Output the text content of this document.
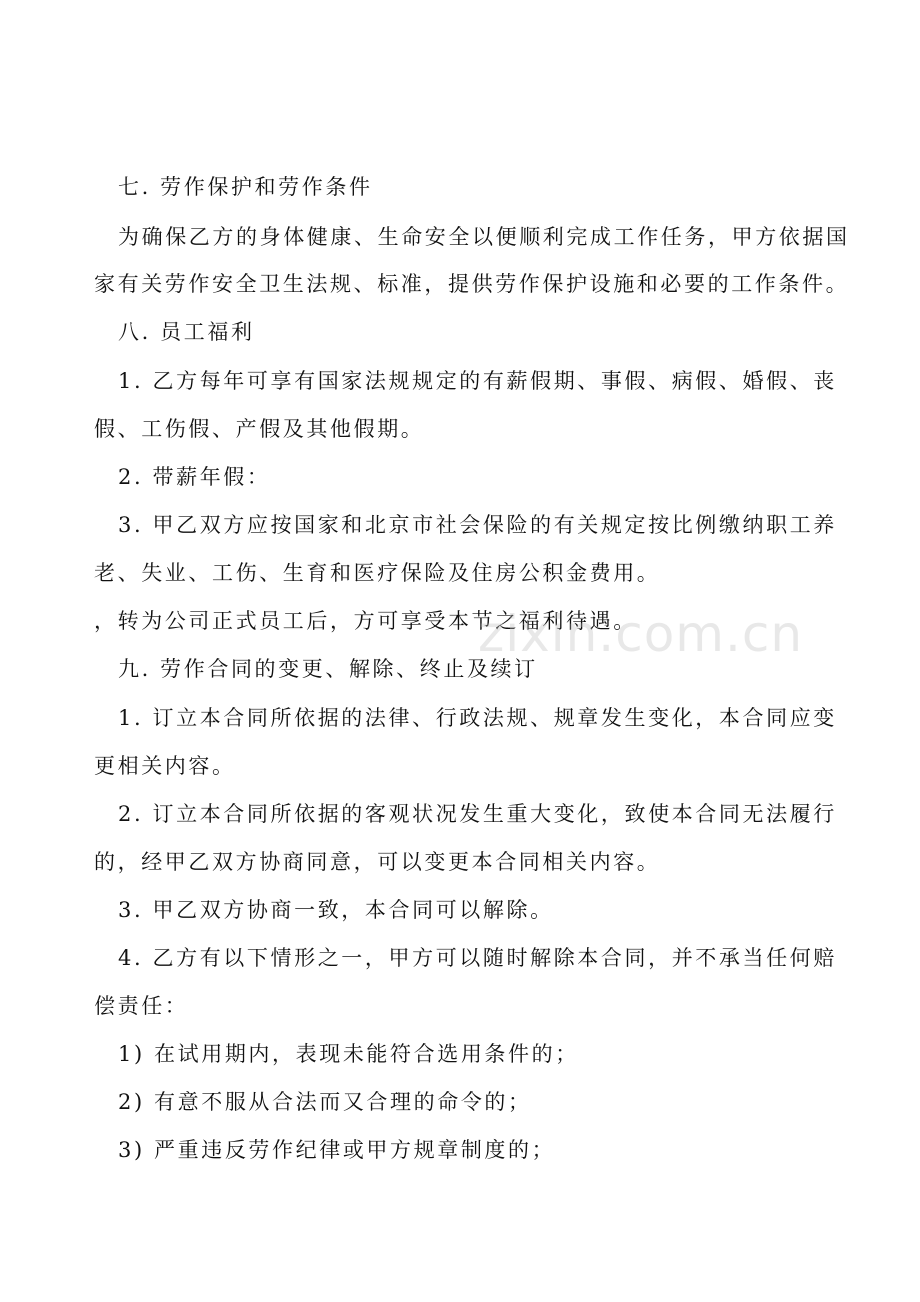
七. 劳作保护和劳作条件
为确保乙方的身体健康、生命安全以便顺利完成工作任务，甲方依据国
家有关劳作安全卫生法规、标准，提供劳作保护设施和必要的工作条件。
八. 员工福利
1. 乙方每年可享有国家法规规定的有薪假期、事假、病假、婚假、丧
假、工伤假、产假及其他假期。
2. 带薪年假：
3. 甲乙双方应按国家和北京市社会保险的有关规定按比例缴纳职工养
老、失业、工伤、生育和医疗保险及住房公积金费用。
，转为公司正式员工后，方可享受本节之福利待遇。
九. 劳作合同的变更、解除、终止及续订
1. 订立本合同所依据的法律、行政法规、规章发生变化，本合同应变
更相关内容。
2. 订立本合同所依据的客观状况发生重大变化，致使本合同无法履行
的，经甲乙双方协商同意，可以变更本合同相关内容。
3. 甲乙双方协商一致，本合同可以解除。
4. 乙方有以下情形之一，甲方可以随时解除本合同，并不承当任何赔
偿责任：
1) 在试用期内，表现未能符合选用条件的；
2) 有意不服从合法而又合理的命令的；
3) 严重违反劳作纪律或甲方规章制度的；
zixin.com.cn
